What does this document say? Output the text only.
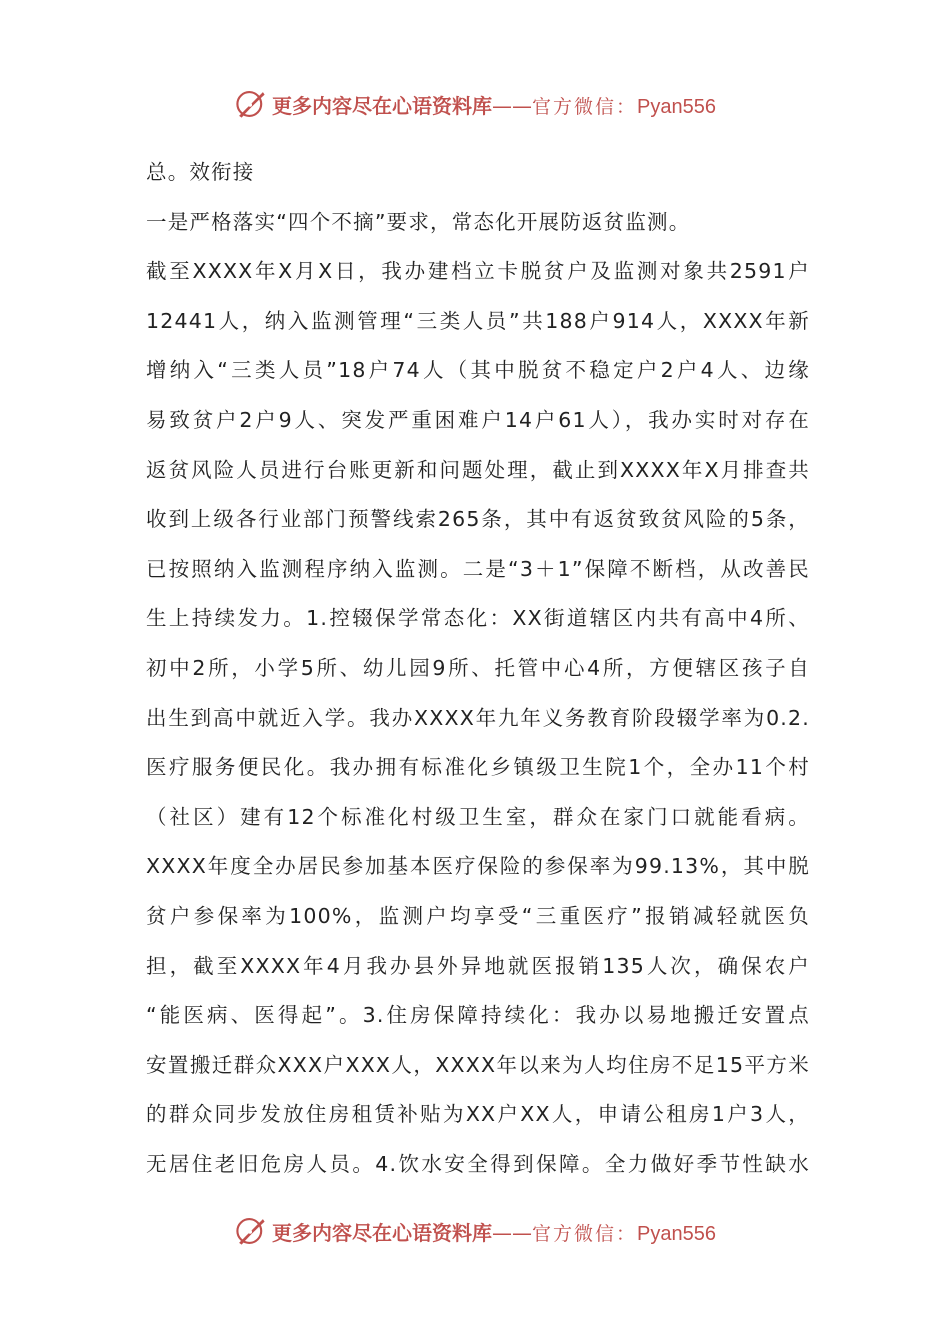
更多内容尽在心语资料库 —— 官方微信： Pyan556
总。效衔接
一是严格落实“四个不摘”要求，常态化开展防返贫监测。
截至XXXX年X月X日，我办建档立卡脱贫户及监测对象共2591户
12441人，纳入监测管理“三类人员”共188户914人，XXXX年新
增纳入“三类人员”18户74人（其中脱贫不稳定户2户4人、边缘
易致贫户2户9人、突发严重困难户14户61人），我办实时对存在
返贫风险人员进行台账更新和问题处理，截止到XXXX年X月排查共
收到上级各行业部门预警线索265条，其中有返贫致贫风险的5条，
已按照纳入监测程序纳入监测。二是“3＋1”保障不断档，从改善民
生上持续发力。1.控辍保学常态化：XX街道辖区内共有高中4所、
初中2所，小学5所、幼儿园9所、托管中心4所，方便辖区孩子自
出生到高中就近入学。我办XXXX年九年义务教育阶段辍学率为0.2.
医疗服务便民化。我办拥有标准化乡镇级卫生院1个，全办11个村
（社区）建有12个标准化村级卫生室，群众在家门口就能看病。
XXXX年度全办居民参加基本医疗保险的参保率为99.13%，其中脱
贫户参保率为100%，监测户均享受“三重医疗”报销减轻就医负
担，截至XXXX年4月我办县外异地就医报销135人次，确保农户
“能医病、医得起”。3.住房保障持续化：我办以易地搬迁安置点
安置搬迁群众XXX户XXX人，XXXX年以来为人均住房不足15平方米
的群众同步发放住房租赁补贴为XX户XX人，申请公租房1户3人，
无居住老旧危房人员。4.饮水安全得到保障。全力做好季节性缺水
更多内容尽在心语资料库 —— 官方微信： Pyan556
